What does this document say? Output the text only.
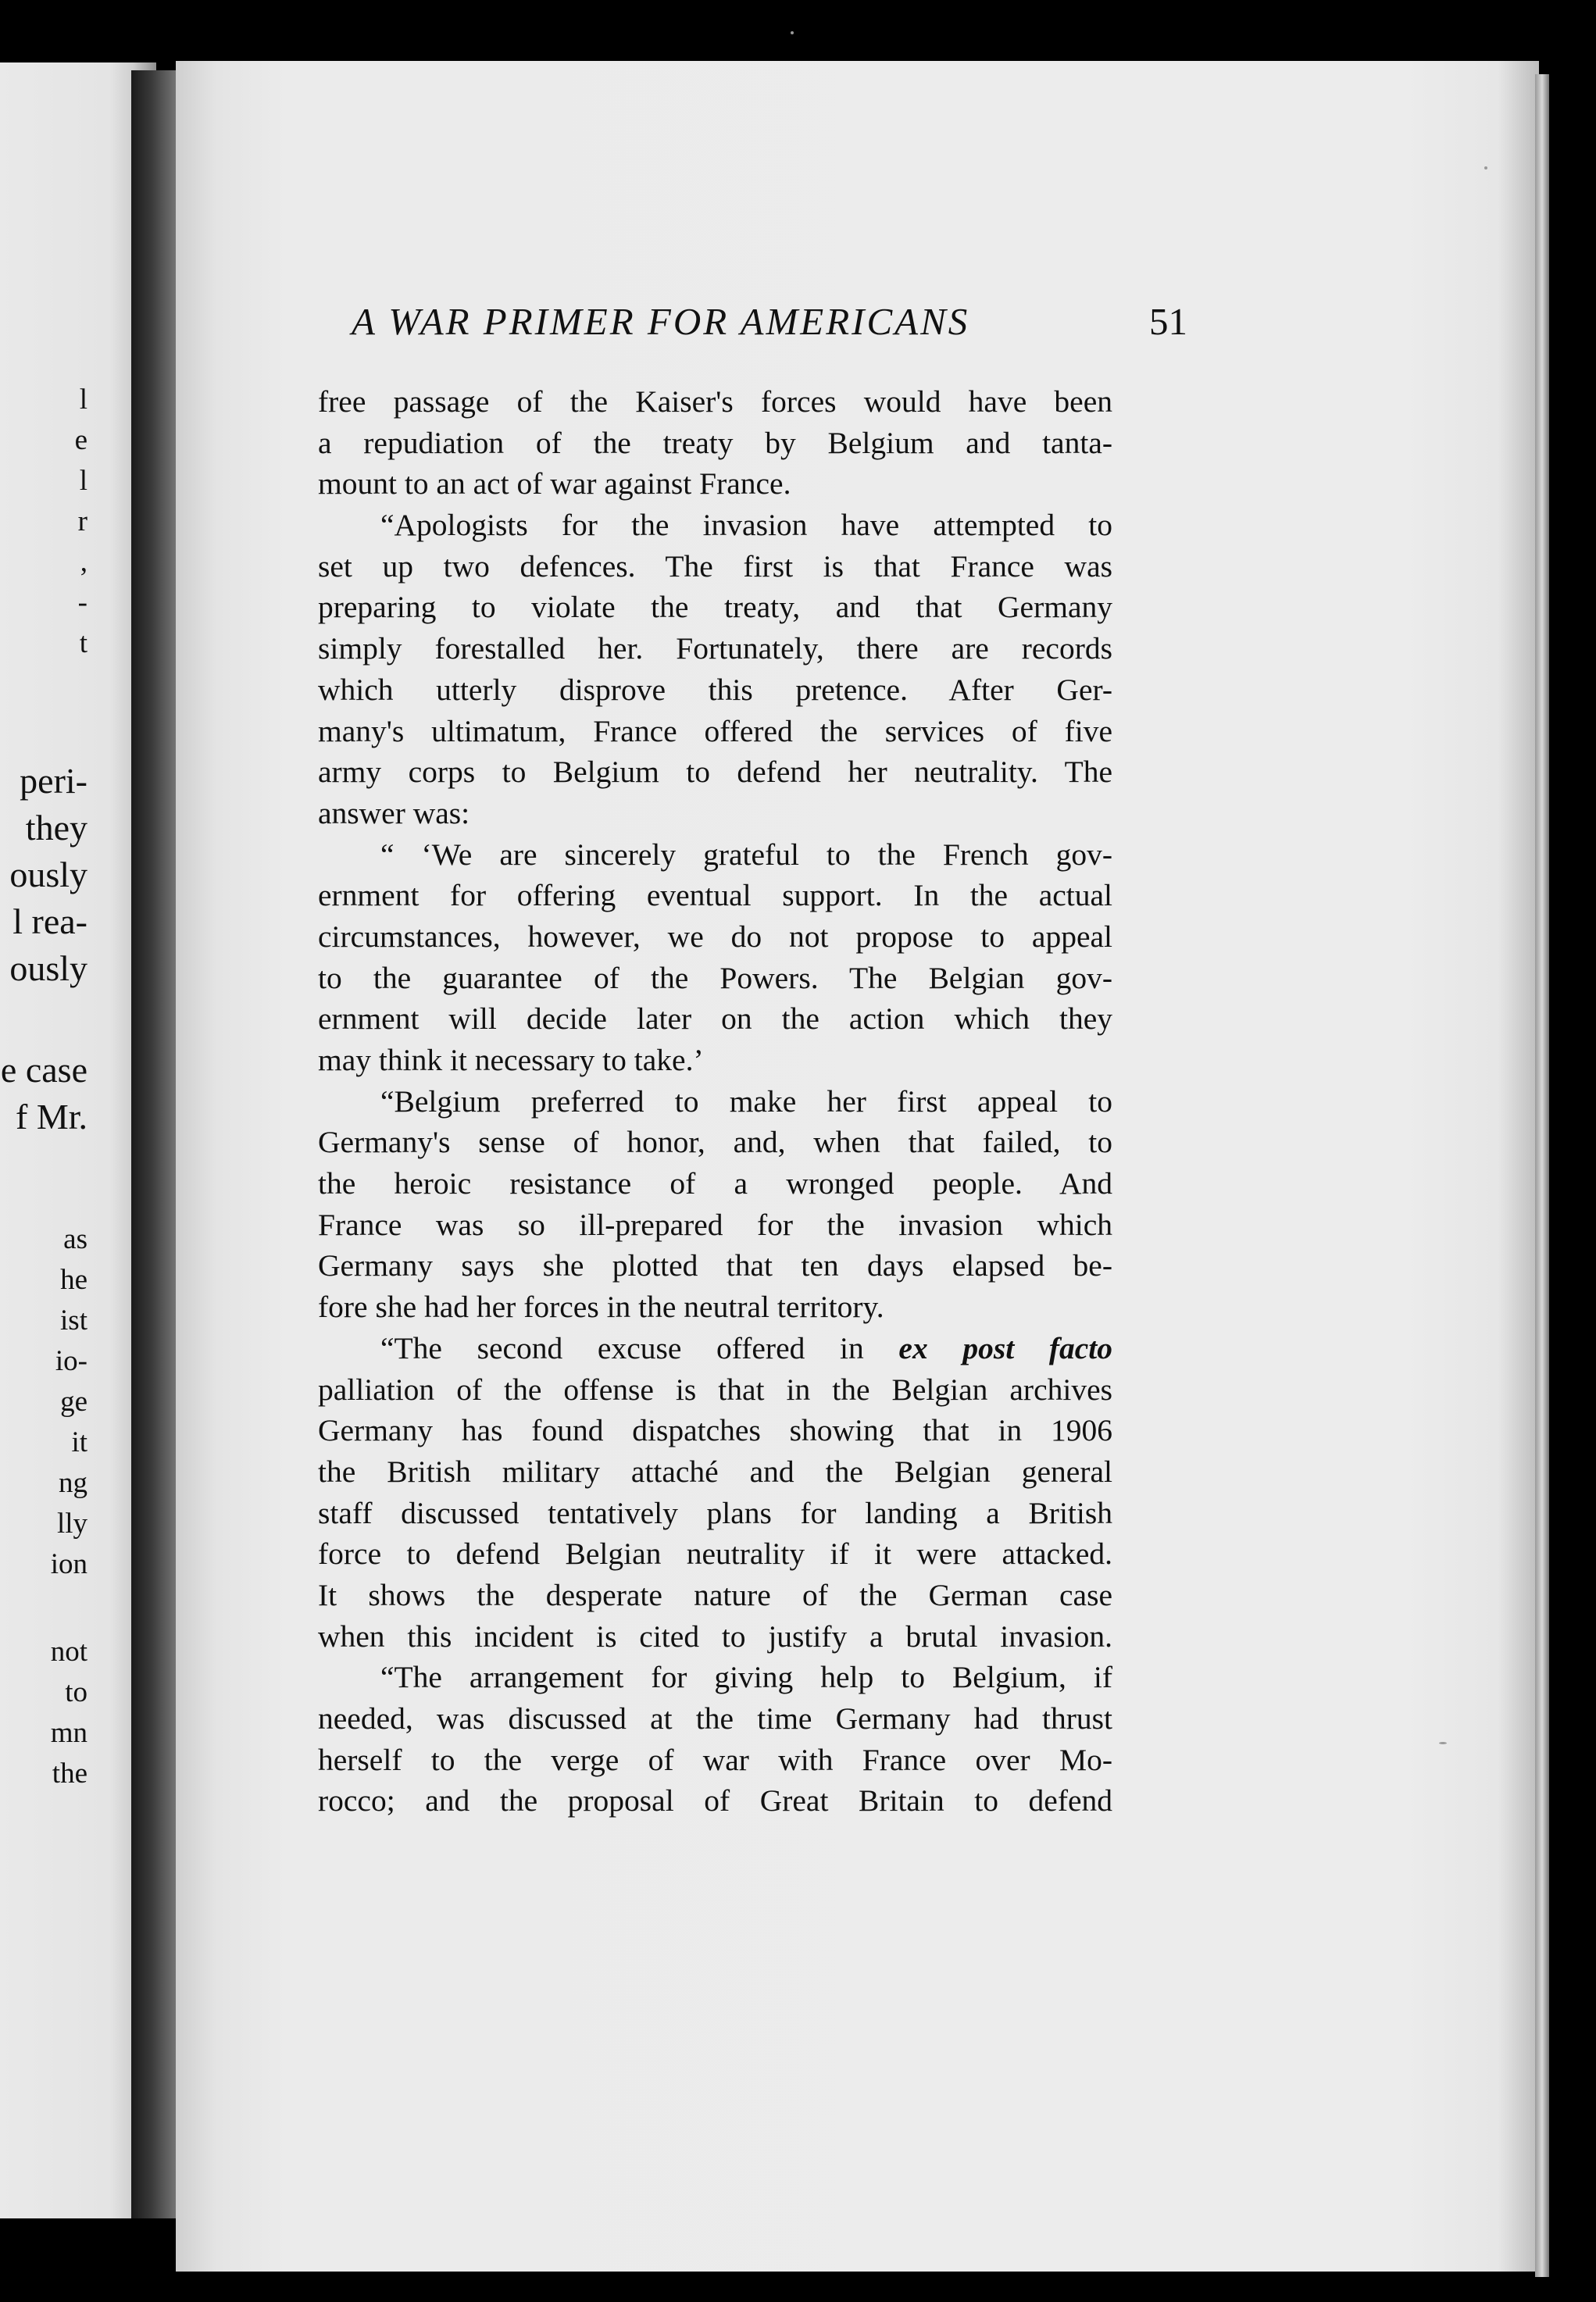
l
e
l
r
,
-
t
peri-
they
ously
l rea-
ously
e case
f Mr.
as
he
ist
io-
ge
it
ng
lly
ion
not
to
mn
the
A WAR PRIMER FOR AMERICANS	51
free passage of the Kaiser's forces would have been
a repudiation of the treaty by Belgium and tanta-
mount to an act of war against France.
“Apologists for the invasion have attempted to
set up two defences. The first is that France was
preparing to violate the treaty, and that Germany
simply forestalled her. Fortunately, there are records
which utterly disprove this pretence. After Ger-
many's ultimatum, France offered the services of five
army corps to Belgium to defend her neutrality. The
answer was:
“ ‘We are sincerely grateful to the French gov-
ernment for offering eventual support. In the actual
circumstances, however, we do not propose to appeal
to the guarantee of the Powers. The Belgian gov-
ernment will decide later on the action which they
may think it necessary to take.’
“Belgium preferred to make her first appeal to
Germany's sense of honor, and, when that failed, to
the heroic resistance of a wronged people. And
France was so ill-prepared for the invasion which
Germany says she plotted that ten days elapsed be-
fore she had her forces in the neutral territory.
“The second excuse offered in ex post facto
palliation of the offense is that in the Belgian archives
Germany has found dispatches showing that in 1906
the British military attaché and the Belgian general
staff discussed tentatively plans for landing a British
force to defend Belgian neutrality if it were attacked.
It shows the desperate nature of the German case
when this incident is cited to justify a brutal invasion.
“The arrangement for giving help to Belgium, if
needed, was discussed at the time Germany had thrust
herself to the verge of war with France over Mo-
rocco; and the proposal of Great Britain to defend
